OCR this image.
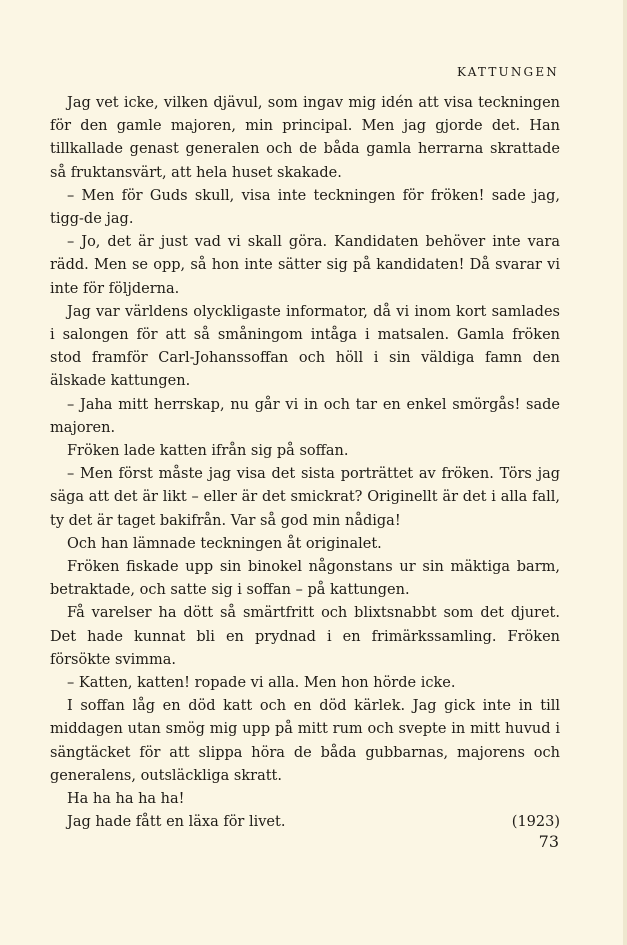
KATTUNGEN

Jag vet icke, vilken djävul, som ingav mig idén att visa teckningen för den gamle majoren, min principal. Men jag gjorde det. Han tillkallade genast generalen och de båda gamla herrarna skrattade så fruktansvärt, att hela huset skakade.

– Men för Guds skull, visa inte teckningen för fröken! sade jag, tigg-de jag.

– Jo, det är just vad vi skall göra. Kandidaten behöver inte vara rädd. Men se opp, så hon inte sätter sig på kandidaten! Då svarar vi inte för följderna.

Jag var världens olyckligaste informator, då vi inom kort samlades i salongen för att så småningom intåga i matsalen. Gamla fröken stod framför Carl-Johanssoffan och höll i sin väldiga famn den älskade kattungen.

– Jaha mitt herrskap, nu går vi in och tar en enkel smörgås! sade majoren.

Fröken lade katten ifrån sig på soffan.

– Men först måste jag visa det sista porträttet av fröken. Törs jag säga att det är likt – eller är det smickrat? Originellt är det i alla fall, ty det är taget bakifrån. Var så god min nådiga!

Och han lämnade teckningen åt originalet.

Fröken fiskade upp sin binokel någonstans ur sin mäktiga barm, betraktade, och satte sig i soffan – på kattungen.

Få varelser ha dött så smärtfritt och blixtsnabbt som det djuret. Det hade kunnat bli en prydnad i en frimärkssamling. Fröken försökte svimma.

– Katten, katten! ropade vi alla. Men hon hörde icke.

I soffan låg en död katt och en död kärlek. Jag gick inte in till middagen utan smög mig upp på mitt rum och svepte in mitt huvud i sängtäcket för att slippa höra de båda gubbarnas, majorens och generalens, outsläckliga skratt.

Ha ha ha ha ha!

Jag hade fått en läxa för livet.	(1923)
73
